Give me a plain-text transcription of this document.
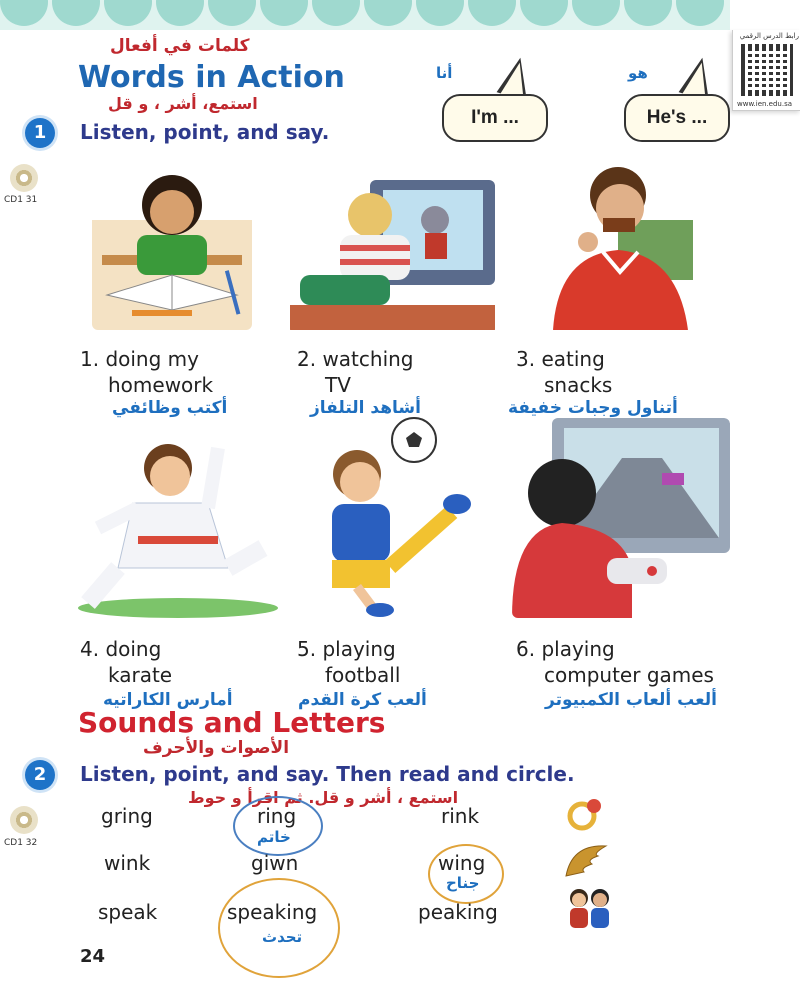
رابط الدرس الرقمي
www.ien.edu.sa
كلمات في أفعال
Words in Action
استمع، أشر ، و قل
1	Listen, point, and say.
CD1 31
أنا
I'm ...
هو
He's ...
1. doing my
homework
أكتب وظائفي
2. watching
TV
أشاهد التلفاز
3. eating
snacks
أتناول وجبات خفيفة
4. doing
karate
أمارس الكاراتيه
5. playing
football
ألعب كرة القدم
6. playing
computer games
ألعب ألعاب الكمبيوتر
Sounds and Letters
الأصوات والأحرف
2	Listen, point, and say. Then read and circle.
استمع ، أشر و قل. ثم اقرأ و حوط
CD1 32
gring	ring	rink
خاتم
wink	giwn	wing
جناح
speak	speaking	peaking
تحدث
24
